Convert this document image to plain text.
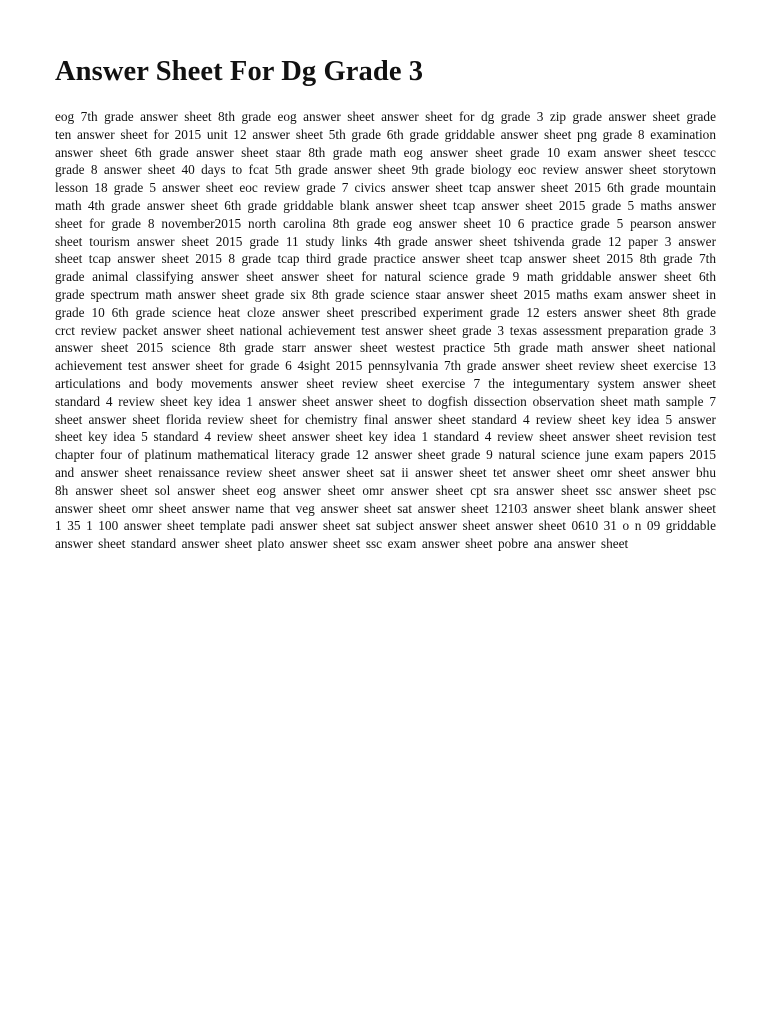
Answer Sheet For Dg Grade 3

eog 7th grade answer sheet 8th grade eog answer sheet answer sheet for dg grade 3 zip grade answer sheet grade ten answer sheet for 2015 unit 12 answer sheet 5th grade 6th grade griddable answer sheet png grade 8 examination answer sheet 6th grade answer sheet staar 8th grade math eog answer sheet grade 10 exam answer sheet tesccc grade 8 answer sheet 40 days to fcat 5th grade answer sheet 9th grade biology eoc review answer sheet storytown lesson 18 grade 5 answer sheet eoc review grade 7 civics answer sheet tcap answer sheet 2015 6th grade mountain math 4th grade answer sheet 6th grade griddable blank answer sheet tcap answer sheet 2015 grade 5 maths answer sheet for grade 8 november2015 north carolina 8th grade eog answer sheet 10 6 practice grade 5 pearson answer sheet tourism answer sheet 2015 grade 11 study links 4th grade answer sheet tshivenda grade 12 paper 3 answer sheet tcap answer sheet 2015 8 grade tcap third grade practice answer sheet tcap answer sheet 2015 8th grade 7th grade animal classifying answer sheet answer sheet for natural science grade 9 math griddable answer sheet 6th grade spectrum math answer sheet grade six 8th grade science staar answer sheet 2015 maths exam answer sheet in grade 10 6th grade science heat cloze answer sheet prescribed experiment grade 12 esters answer sheet 8th grade crct review packet answer sheet national achievement test answer sheet grade 3 texas assessment preparation grade 3 answer sheet 2015 science 8th grade starr answer sheet westest practice 5th grade math answer sheet national achievement test answer sheet for grade 6 4sight 2015 pennsylvania 7th grade answer sheet review sheet exercise 13 articulations and body movements answer sheet review sheet exercise 7 the integumentary system answer sheet standard 4 review sheet key idea 1 answer sheet answer sheet to dogfish dissection observation sheet math sample 7 sheet answer sheet florida review sheet for chemistry final answer sheet standard 4 review sheet key idea 5 answer sheet key idea 5 standard 4 review sheet answer sheet key idea 1 standard 4 review sheet answer sheet revision test chapter four of platinum mathematical literacy grade 12 answer sheet grade 9 natural science june exam papers 2015 and answer sheet renaissance review sheet answer sheet sat ii answer sheet tet answer sheet omr sheet answer bhu 8h answer sheet sol answer sheet eog answer sheet omr answer sheet cpt sra answer sheet ssc answer sheet psc answer sheet omr sheet answer name that veg answer sheet sat answer sheet 12103 answer sheet blank answer sheet 1 35 1 100 answer sheet template padi answer sheet sat subject answer sheet answer sheet 0610 31 o n 09 griddable answer sheet standard answer sheet plato answer sheet ssc exam answer sheet pobre ana answer sheet
